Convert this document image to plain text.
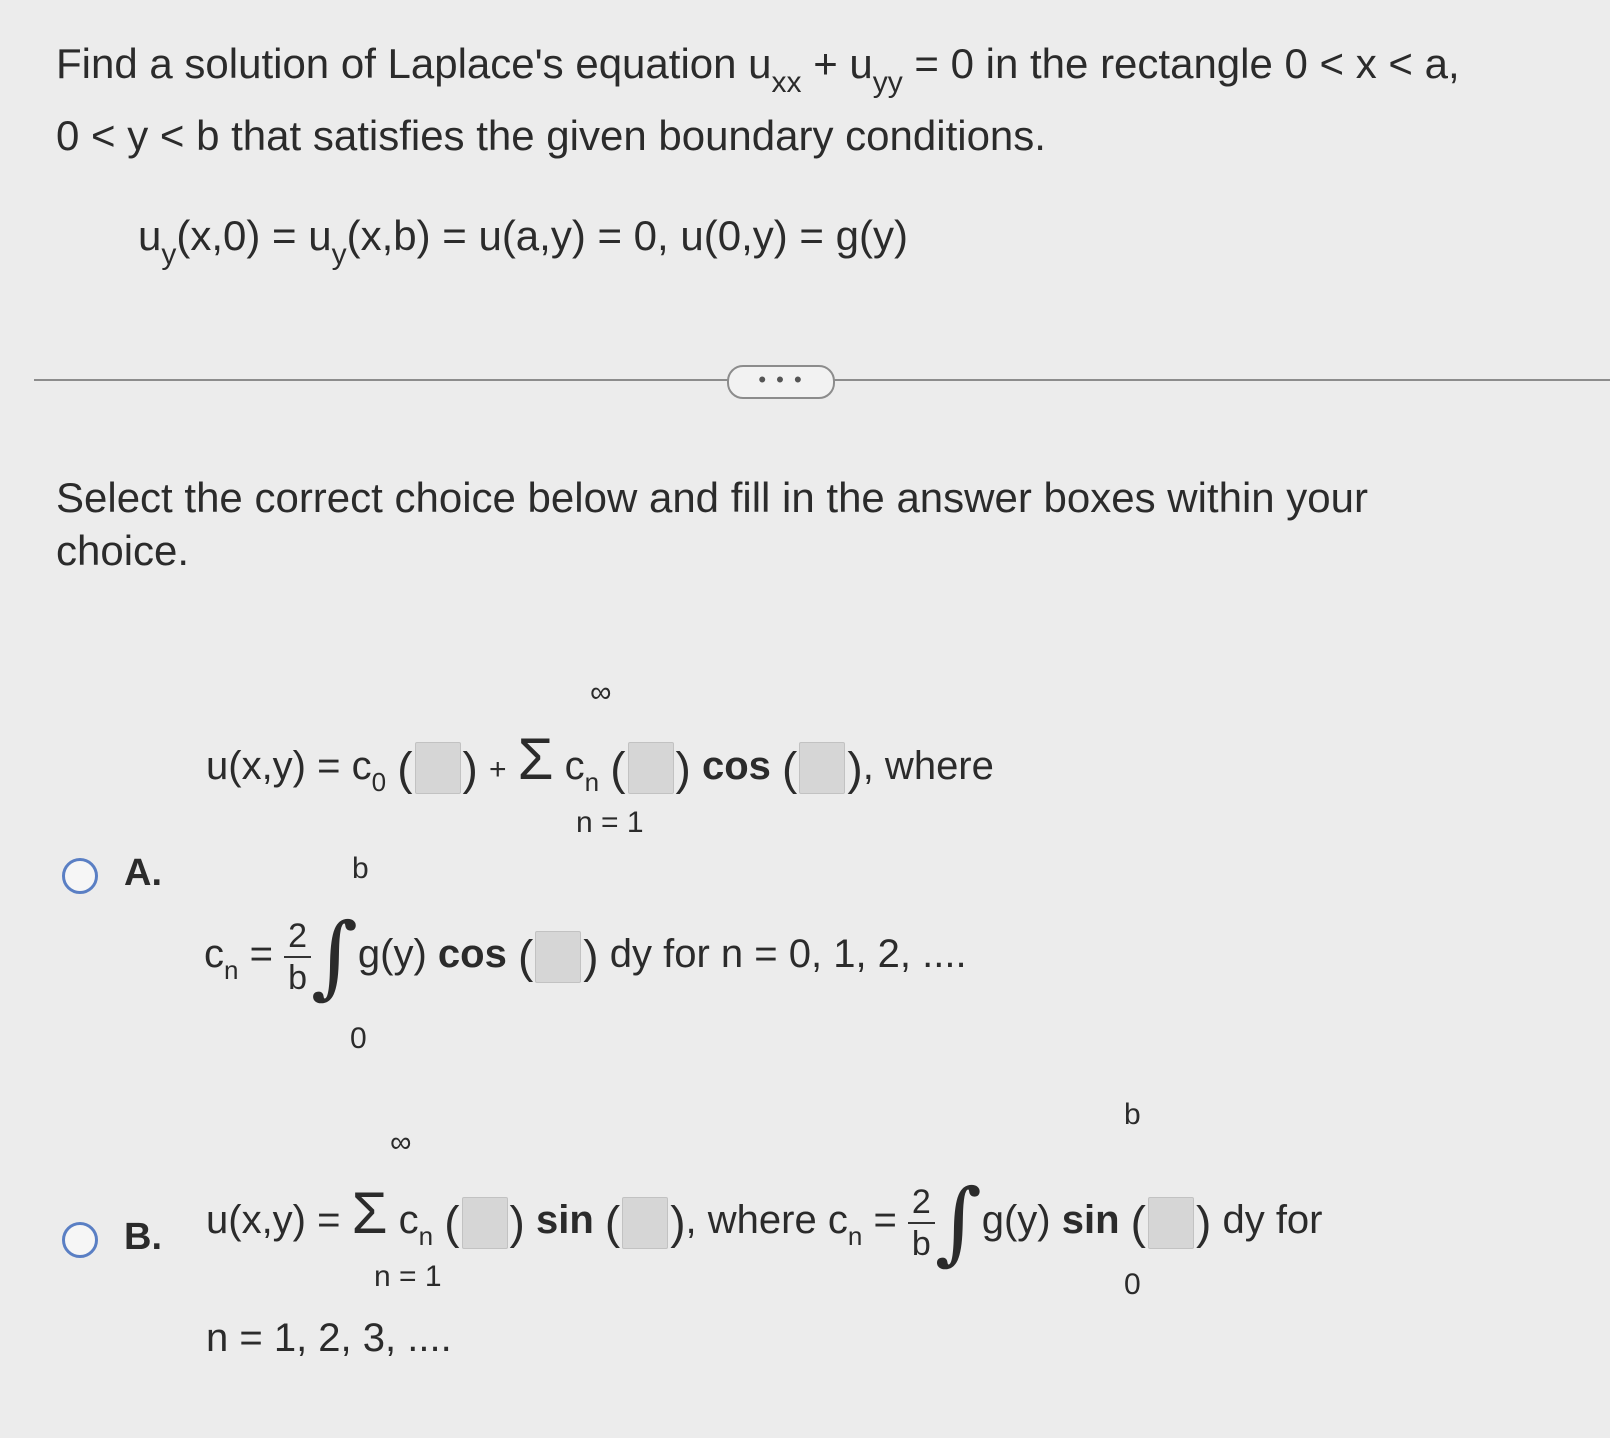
Find a solution of Laplace's equation $u_{xx} + u_{yy} = 0$ in the rectangle 0 < x < a,
0 < y < b that satisfies the given boundary conditions.
$u_y(x,0) = u_y(x,b) = u(a,y) = 0$, u(0,y) = g(y)
• • •
Select the correct choice below and fill in the answer boxes within your
choice.
A.
∞
n = 1
$u(x,y) = c_0$ ( ) + Σ $c_n$ ( ) cos ( ), where
b
0
$c_n = \frac{2}{b} \int g(y)$ cos ( ) dy for n = 0, 1, 2, ....
B.
∞
n = 1
b
0
u(x,y) = Σ $c_n$ ( ) sin ( ), where $c_n = \frac{2}{b} \int g(y)$ sin ( ) dy for
n = 1, 2, 3, ....
